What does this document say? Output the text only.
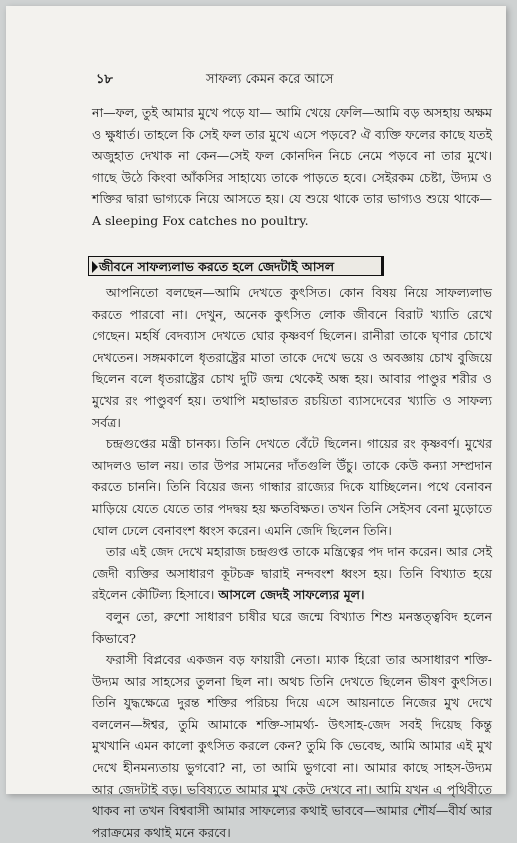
১৮	সাফল্য কেমন করে আসে

না—ফল, তুই আমার মুখে পড়ে যা— আমি খেয়ে ফেলি—আমি বড় অসহায় অক্ষম ও ক্ষুধার্ত। তাহলে কি সেই ফল তার মুখে এসে পড়বে? ঐ ব্যক্তি ফলের কাছে যতই অজুহাত দেখাক না কেন—সেই ফল কোনদিন নিচে নেমে পড়বে না তার মুখে। গাছে উঠে কিংবা আঁকসির সাহায্যে তাকে পাড়তে হবে। সেইরকম চেষ্টা, উদ্যম ও শক্তির দ্বারা ভাগ্যকে নিয়ে আসতে হয়। যে শুয়ে থাকে তার ভাগ্যও শুয়ে থাকে—A sleeping Fox catches no poultry.

জীবনে সাফল্যলাভ করতে হলে জেদটাই আসল

আপনিতো বলছেন—আমি দেখতে কুৎসিত। কোন বিষয় নিয়ে সাফল্যলাভ করতে পারবো না। দেখুন, অনেক কুৎসিত লোক জীবনে বিরাট খ্যাতি রেখে গেছেন। মহর্ষি বেদব্যাস দেখতে ঘোর কৃষ্ণবর্ণ ছিলেন। রানীরা তাকে ঘৃণার চোখে দেখতেন। সঙ্গমকালে ধৃতরাষ্ট্রের মাতা তাকে দেখে ভয়ে ও অবজ্ঞায় চোখ বুজিয়ে ছিলেন বলে ধৃতরাষ্ট্রের চোখ দুটি জন্ম থেকেই অন্ধ হয়। আবার পাণ্ডুর শরীর ও মুখের রং পাণ্ডুবর্ণ হয়। তথাপি মহাভারত রচয়িতা ব্যাসদেবের খ্যাতি ও সাফল্য সর্বত্র।

চন্দ্রগুপ্তের মন্ত্রী চানক্য। তিনি দেখতে বেঁটে ছিলেন। গায়ের রং কৃষ্ণবর্ণ। মুখের আদলও ভাল নয়। তার উপর সামনের দাঁতগুলি উঁচু। তাকে কেউ কন্যা সম্প্রদান করতে চাননি। তিনি বিয়ের জন্য গান্ধার রাজ্যের দিকে যাচ্ছিলেন। পথে বেনাবন মাড়িয়ে যেতে যেতে তার পদদ্বয় হয় ক্ষতবিক্ষত। তখন তিনি সেইসব বেনা মুড়োতে ঘোল ঢেলে বেনাবংশ ধ্বংস করেন। এমনি জেদি ছিলেন তিনি।

তার এই জেদ দেখে মহারাজ চন্দ্রগুপ্ত তাকে মন্ত্রিত্বের পদ দান করেন। আর সেই জেদী ব্যক্তির অসাধারণ কূটচক্র দ্বারাই নন্দবংশ ধ্বংস হয়। তিনি বিখ্যাত হয়ে রইলেন কৌটিল্য হিসাবে। আসলে জেদই সাফল্যের মূল।

বলুন তো, রুশো সাধারণ চাষীর ঘরে জন্মে বিখ্যাত শিশু মনস্তত্ত্ববিদ হলেন কিভাবে?

ফরাসী বিপ্লবের একজন বড় ফায়ারী নেতা। ম্যাক হিরো তার অসাধারণ শক্তি-উদ্যম আর সাহসের তুলনা ছিল না। অথচ তিনি দেখতে ছিলেন ভীষণ কুৎসিত। তিনি যুদ্ধক্ষেত্রে দুরন্ত শক্তির পরিচয় দিয়ে এসে আয়নাতে নিজের মুখ দেখে বললেন—ঈশ্বর, তুমি আমাকে শক্তি-সামর্থ্য- উৎসাহ-জেদ সবই দিয়েছ কিন্তু মুখখানি এমন কালো কুৎসিত করলে কেন? তুমি কি ভেবেছ, আমি আমার এই মুখ দেখে হীনমন্যতায় ভুগবো? না, তা আমি ভুগবো না। আমার কাছে সাহস-উদ্যম আর জেদটাই বড়। ভবিষ্যতে আমার মুখ কেউ দেখবে না। আমি যখন এ পৃথিবীতে থাকব না তখন বিশ্ববাসী আমার সাফল্যের কথাই ভাববে—আমার শৌর্য—বীর্য আর পরাক্রমের কথাই মনে করবে।
